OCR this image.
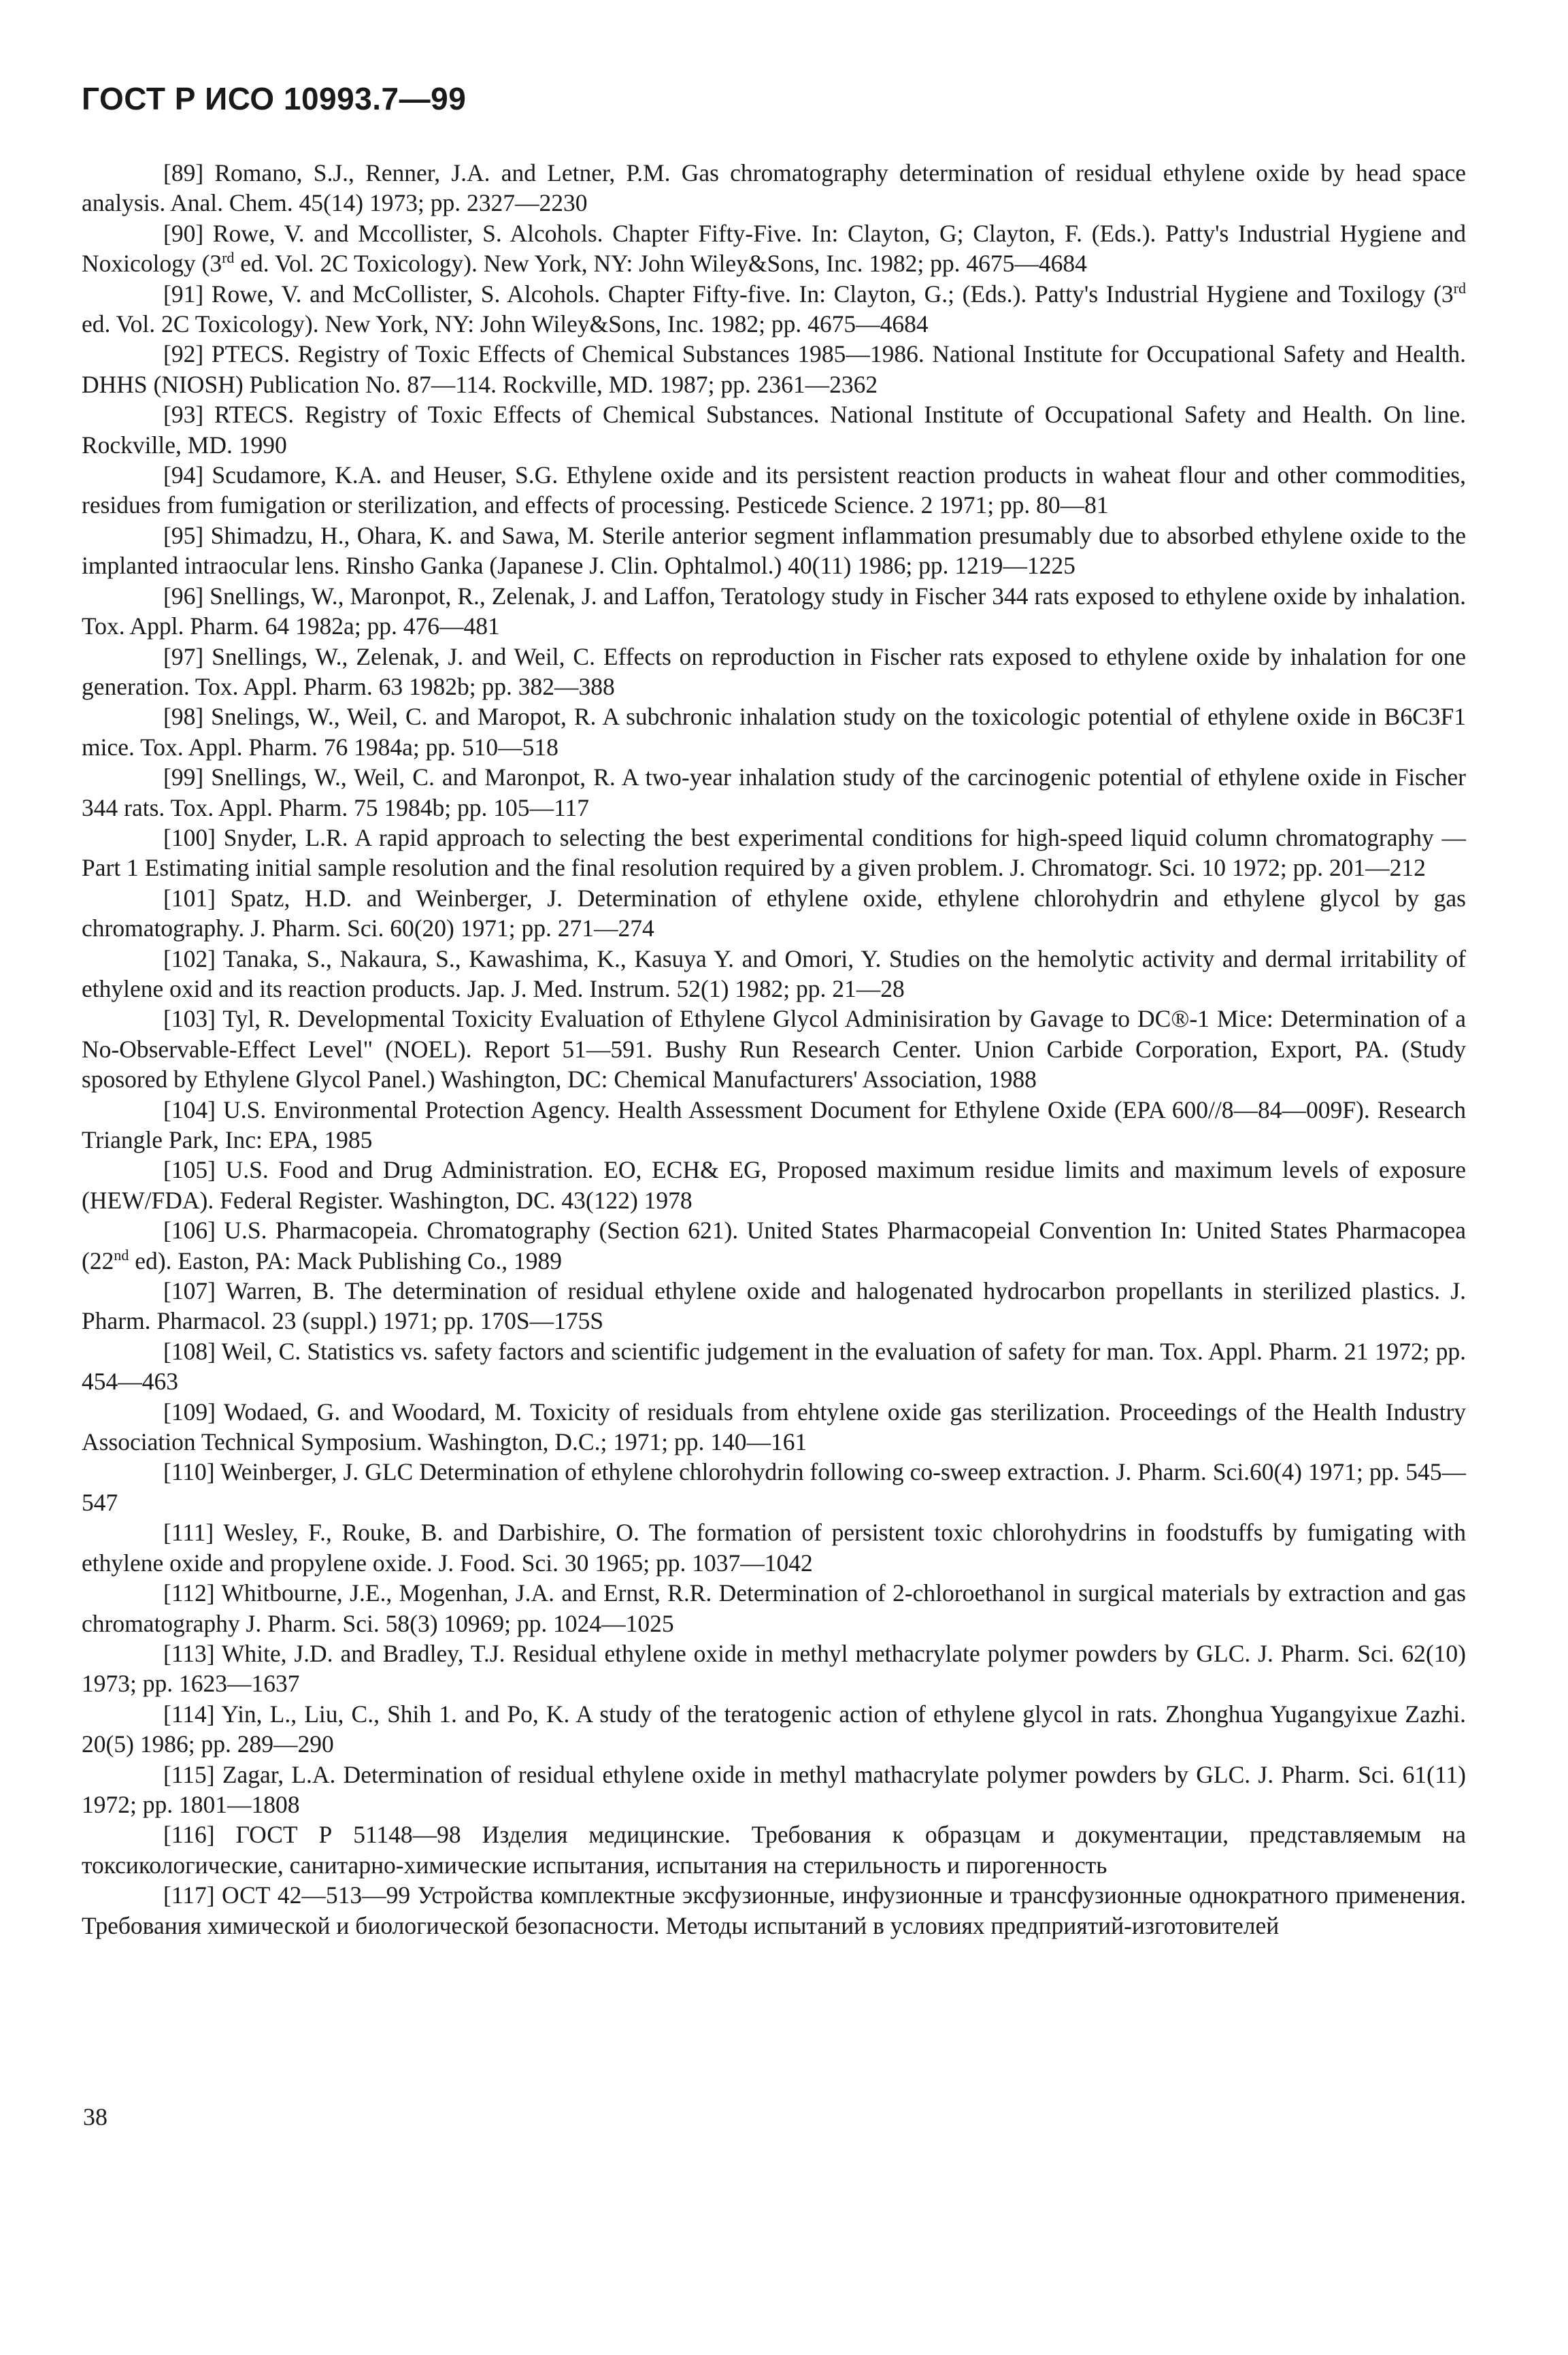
ГОСТ Р ИСО 10993.7—99

[89] Romano, S.J., Renner, J.A. and Letner, P.M. Gas chromatography determination of residual ethylene oxide by head space analysis. Anal. Chem. 45(14) 1973; pp. 2327—2230

[90] Rowe, V. and Mccollister, S. Alcohols. Chapter Fifty-Five. In: Clayton, G; Clayton, F. (Eds.). Patty's Industrial Hygiene and Noxicology (3rd ed. Vol. 2C Toxicology). New York, NY: John Wiley&Sons, Inc. 1982; pp. 4675—4684

[91] Rowe, V. and McCollister, S. Alcohols. Chapter Fifty-five. In: Clayton, G.; (Eds.). Patty's Industrial Hygiene and Toxilogy (3rd ed. Vol. 2C Toxicology). New York, NY: John Wiley&Sons, Inc. 1982; pp. 4675—4684

[92] PTECS. Registry of Toxic Effects of Chemical Substances 1985—1986. National Institute for Occupational Safety and Health. DHHS (NIOSH) Publication No. 87—114. Rockville, MD. 1987; pp. 2361—2362

[93] RTECS. Registry of Toxic Effects of Chemical Substances. National Institute of Occupational Safety and Health. On line. Rockville, MD. 1990

[94] Scudamore, K.A. and Heuser, S.G. Ethylene oxide and its persistent reaction products in waheat flour and other commodities, residues from fumigation or sterilization, and effects of processing. Pesticede Science. 2 1971; pp. 80—81

[95] Shimadzu, H., Ohara, K. and Sawa, M. Sterile anterior segment inflammation presumably due to absorbed ethylene oxide to the implanted intraocular lens. Rinsho Ganka (Japanese J. Clin. Ophtalmol.) 40(11) 1986; pp. 1219—1225

[96] Snellings, W., Maronpot, R., Zelenak, J. and Laffon, Teratology study in Fischer 344 rats exposed to ethylene oxide by inhalation. Tox. Appl. Pharm. 64 1982a; pp. 476—481

[97] Snellings, W., Zelenak, J. and Weil, C. Effects on reproduction in Fischer rats exposed to ethylene oxide by inhalation for one generation. Tox. Appl. Pharm. 63 1982b; pp. 382—388

[98] Snelings, W., Weil, C. and Maropot, R. A subchronic inhalation study on the toxicologic potential of ethylene oxide in B6C3F1 mice. Tox. Appl. Pharm. 76 1984a; pp. 510—518

[99] Snellings, W., Weil, C. and Maronpot, R. A two-year inhalation study of the carcinogenic potential of ethylene oxide in Fischer 344 rats. Tox. Appl. Pharm. 75 1984b; pp. 105—117

[100] Snyder, L.R. A rapid approach to selecting the best experimental conditions for high-speed liquid column chromatography — Part 1 Estimating initial sample resolution and the final resolution required by a given problem. J. Chromatogr. Sci. 10 1972; pp. 201—212

[101] Spatz, H.D. and Weinberger, J. Determination of ethylene oxide, ethylene chlorohydrin and ethylene glycol by gas chromatography. J. Pharm. Sci. 60(20) 1971; pp. 271—274

[102] Tanaka, S., Nakaura, S., Kawashima, K., Kasuya Y. and Omori, Y. Studies on the hemolytic activity and dermal irritability of ethylene oxid and its reaction products. Jap. J. Med. Instrum. 52(1) 1982; pp. 21—28

[103] Tyl, R. Developmental Toxicity Evaluation of Ethylene Glycol Adminisiration by Gavage to DC®-1 Mice: Determination of a No-Observable-Effect Level" (NOEL). Report 51—591. Bushy Run Research Center. Union Carbide Corporation, Export, PA. (Study sposored by Ethylene Glycol Panel.) Washington, DC: Chemical Manufacturers' Association, 1988

[104] U.S. Environmental Protection Agency. Health Assessment Document for Ethylene Oxide (EPA 600//8—84—009F). Research Triangle Park, Inc: EPA, 1985

[105] U.S. Food and Drug Administration. EO, ECH& EG, Proposed maximum residue limits and maximum levels of exposure (HEW/FDA). Federal Register. Washington, DC. 43(122) 1978

[106] U.S. Pharmacopeia. Chromatography (Section 621). United States Pharmacopeial Convention In: United States Pharmacopea (22nd ed). Easton, PA: Mack Publishing Co., 1989

[107] Warren, B. The determination of residual ethylene oxide and halogenated hydrocarbon propellants in sterilized plastics. J. Pharm. Pharmacol. 23 (suppl.) 1971; pp. 170S—175S

[108] Weil, C. Statistics vs. safety factors and scientific judgement in the evaluation of safety for man. Tox. Appl. Pharm. 21 1972; pp. 454—463

[109] Wodaed, G. and Woodard, M. Toxicity of residuals from ehtylene oxide gas sterilization. Proceedings of the Health Industry Association Technical Symposium. Washington, D.C.; 1971; pp. 140—161

[110] Weinberger, J. GLC Determination of ethylene chlorohydrin following co-sweep extraction. J. Pharm. Sci.60(4) 1971; pp. 545—547

[111] Wesley, F., Rouke, B. and Darbishire, O. The formation of persistent toxic chlorohydrins in foodstuffs by fumigating with ethylene oxide and propylene oxide. J. Food. Sci. 30 1965; pp. 1037—1042

[112] Whitbourne, J.E., Mogenhan, J.A. and Ernst, R.R. Determination of 2-chloroethanol in surgical materials by extraction and gas chromatography J. Pharm. Sci. 58(3) 10969; pp. 1024—1025

[113] White, J.D. and Bradley, T.J. Residual ethylene oxide in methyl methacrylate polymer powders by GLC. J. Pharm. Sci. 62(10) 1973; pp. 1623—1637

[114] Yin, L., Liu, C., Shih 1. and Po, K. A study of the teratogenic action of ethylene glycol in rats. Zhonghua Yugangyixue Zazhi. 20(5) 1986; pp. 289—290

[115] Zagar, L.A. Determination of residual ethylene oxide in methyl mathacrylate polymer powders by GLC. J. Pharm. Sci. 61(11) 1972; pp. 1801—1808

[116] ГОСТ Р 51148—98 Изделия медицинские. Требования к образцам и документации, представляемым на токсикологические, санитарно-химические испытания, испытания на стерильность и пирогенность

[117] ОСТ 42—513—99 Устройства комплектные эксфузионные, инфузионные и трансфузионные однократного применения. Требования химической и биологической безопасности. Методы испытаний в условиях предприятий-изготовителей

38
